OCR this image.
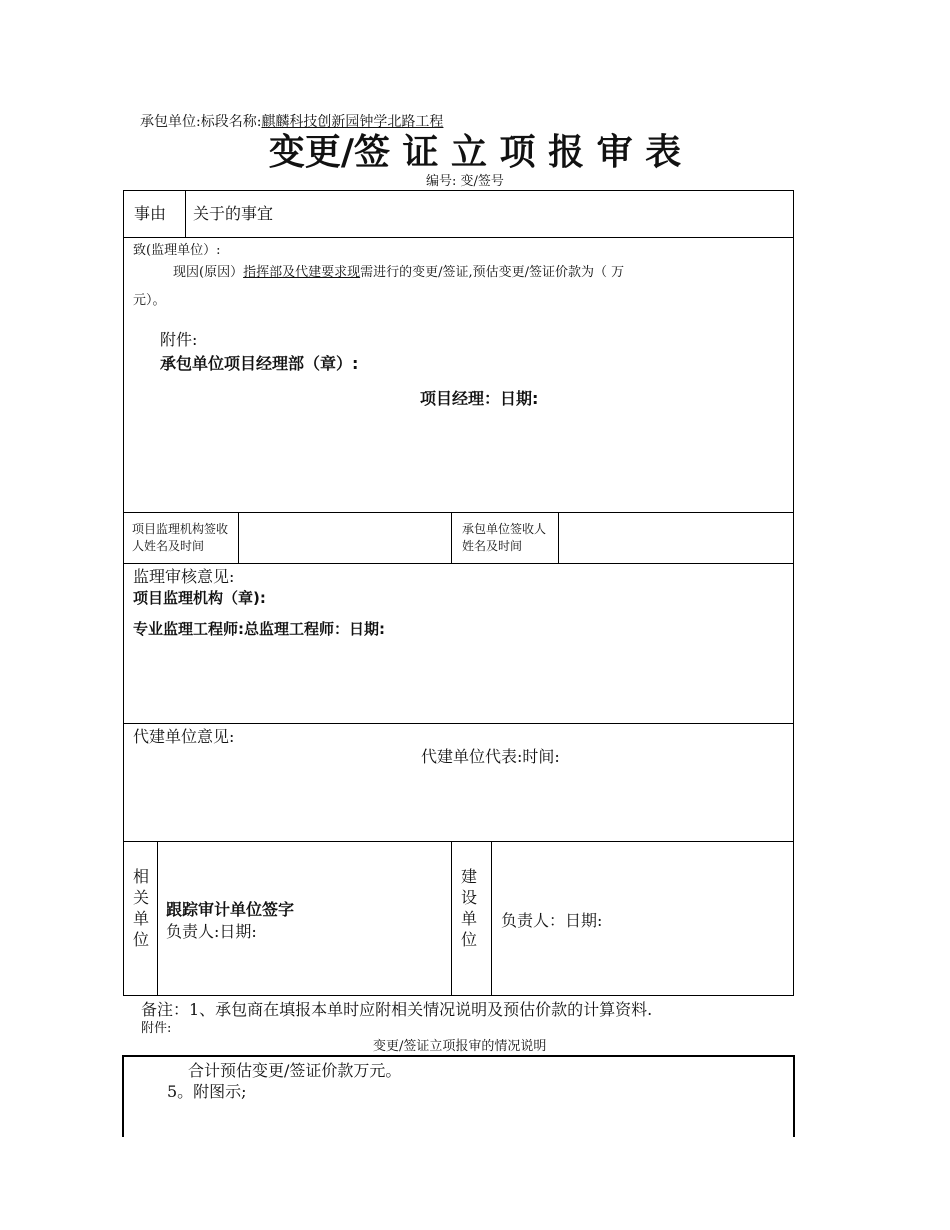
承包单位:标段名称:麒麟科技创新园钟学北路工程
变更/签 证 立 项 报 审 表
编号: 变/签号
事由 关于的事宜
致(监理单位）:
现因(原因）指挥部及代建要求现需进行的变更/签证,预估变更/签证价款为（ 万
元）。
附件:
承包单位项目经理部（章）:
项目经理：日期:
项目监理机构签收人姓名及时间
承包单位签收人姓名及时间
监理审核意见:
项目监理机构（章):
专业监理工程师:总监理工程师：日期:
代建单位意见:
代建单位代表:时间:
相
关
单
位
跟踪审计单位签字
负责人:日期:
建
设
单
位
负责人：日期:
备注：1、承包商在填报本单时应附相关情况说明及预估价款的计算资料.
附件:
变更/签证立项报审的情况说明
合计预估变更/签证价款万元。
5。附图示;
